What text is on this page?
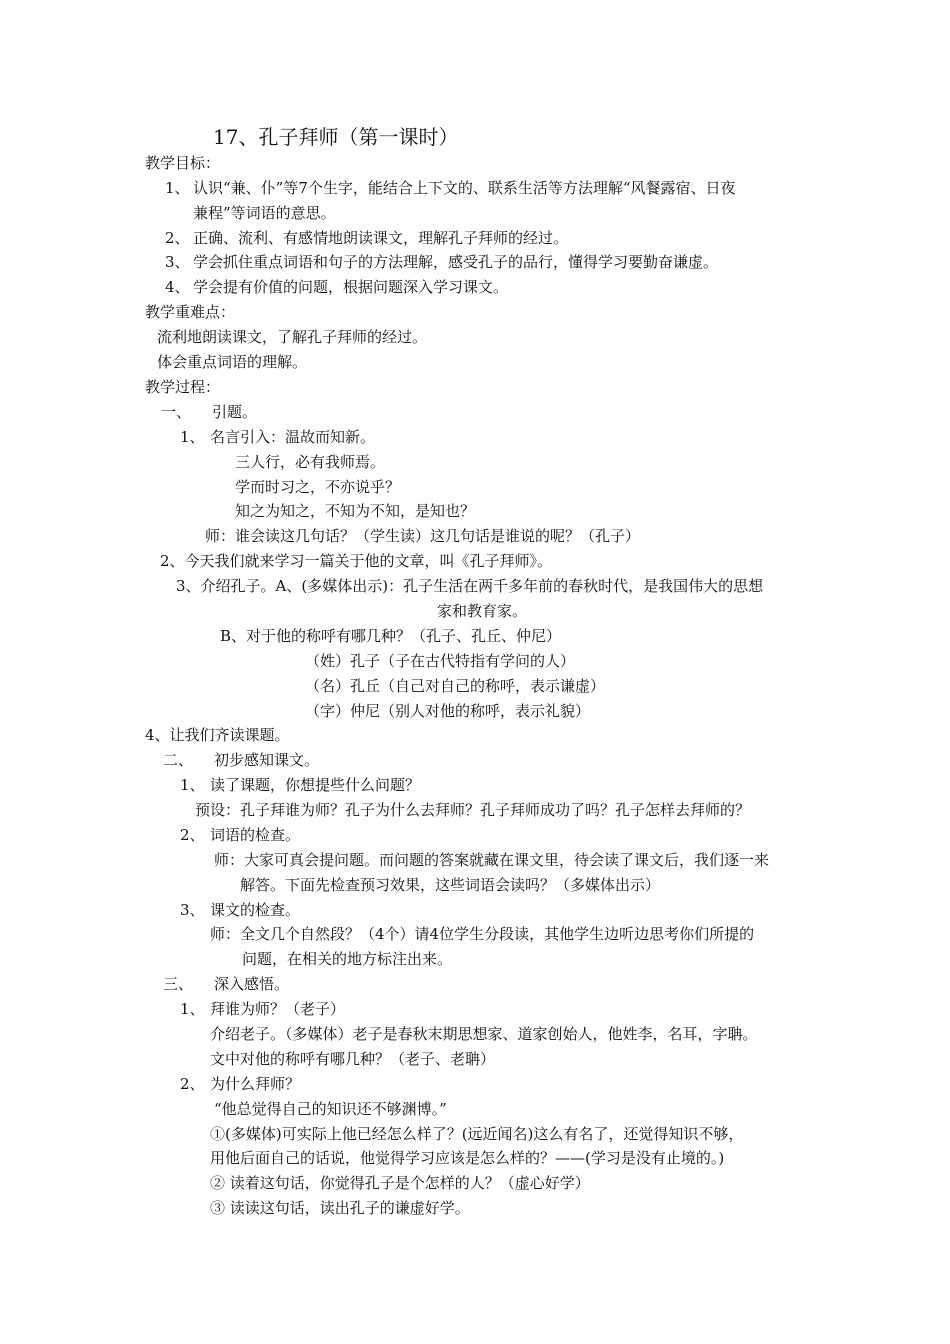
17、孔子拜师（第一课时）
教学目标：
1、 认识“兼、仆”等7个生字，能结合上下文的、联系生活等方法理解“风餐露宿、日夜
兼程”等词语的意思。
2、 正确、流利、有感情地朗读课文，理解孔子拜师的经过。
3、 学会抓住重点词语和句子的方法理解，感受孔子的品行，懂得学习要勤奋谦虚。
4、 学会提有价值的问题，根据问题深入学习课文。
教学重难点：
流利地朗读课文，了解孔子拜师的经过。
体会重点词语的理解。
教学过程：
一、 引题。
1、 名言引入：温故而知新。
三人行，必有我师焉。
学而时习之，不亦说乎？
知之为知之，不知为不知，是知也？
师：谁会读这几句话？（学生读）这几句话是谁说的呢？（孔子）
2、今天我们就来学习一篇关于他的文章，叫《孔子拜师》。
3、介绍孔子。A、(多媒体出示)：孔子生活在两千多年前的春秋时代，是我国伟大的思想
家和教育家。
B、对于他的称呼有哪几种？（孔子、孔丘、仲尼）
（姓）孔子（子在古代特指有学问的人）
（名）孔丘（自己对自己的称呼，表示谦虚）
（字）仲尼（别人对他的称呼，表示礼貌）
4、让我们齐读课题。
二、 初步感知课文。
1、 读了课题，你想提些什么问题？
预设：孔子拜谁为师？孔子为什么去拜师？孔子拜师成功了吗？孔子怎样去拜师的？
2、 词语的检查。
师：大家可真会提问题。而问题的答案就藏在课文里，待会读了课文后，我们逐一来
解答。下面先检查预习效果，这些词语会读吗？（多媒体出示）
3、 课文的检查。
师：全文几个自然段？（4个）请4位学生分段读，其他学生边听边思考你们所提的
问题，在相关的地方标注出来。
三、 深入感悟。
1、 拜谁为师？（老子）
介绍老子。（多媒体）老子是春秋末期思想家、道家创始人，他姓李，名耳，字聃。
文中对他的称呼有哪几种？（老子、老聃）
2、 为什么拜师？
“他总觉得自己的知识还不够渊博。”
①(多媒体)可实际上他已经怎么样了？(远近闻名)这么有名了，还觉得知识不够，
用他后面自己的话说，他觉得学习应该是怎么样的？——(学习是没有止境的。)
② 读着这句话，你觉得孔子是个怎样的人？（虚心好学）
③ 读读这句话，读出孔子的谦虚好学。
